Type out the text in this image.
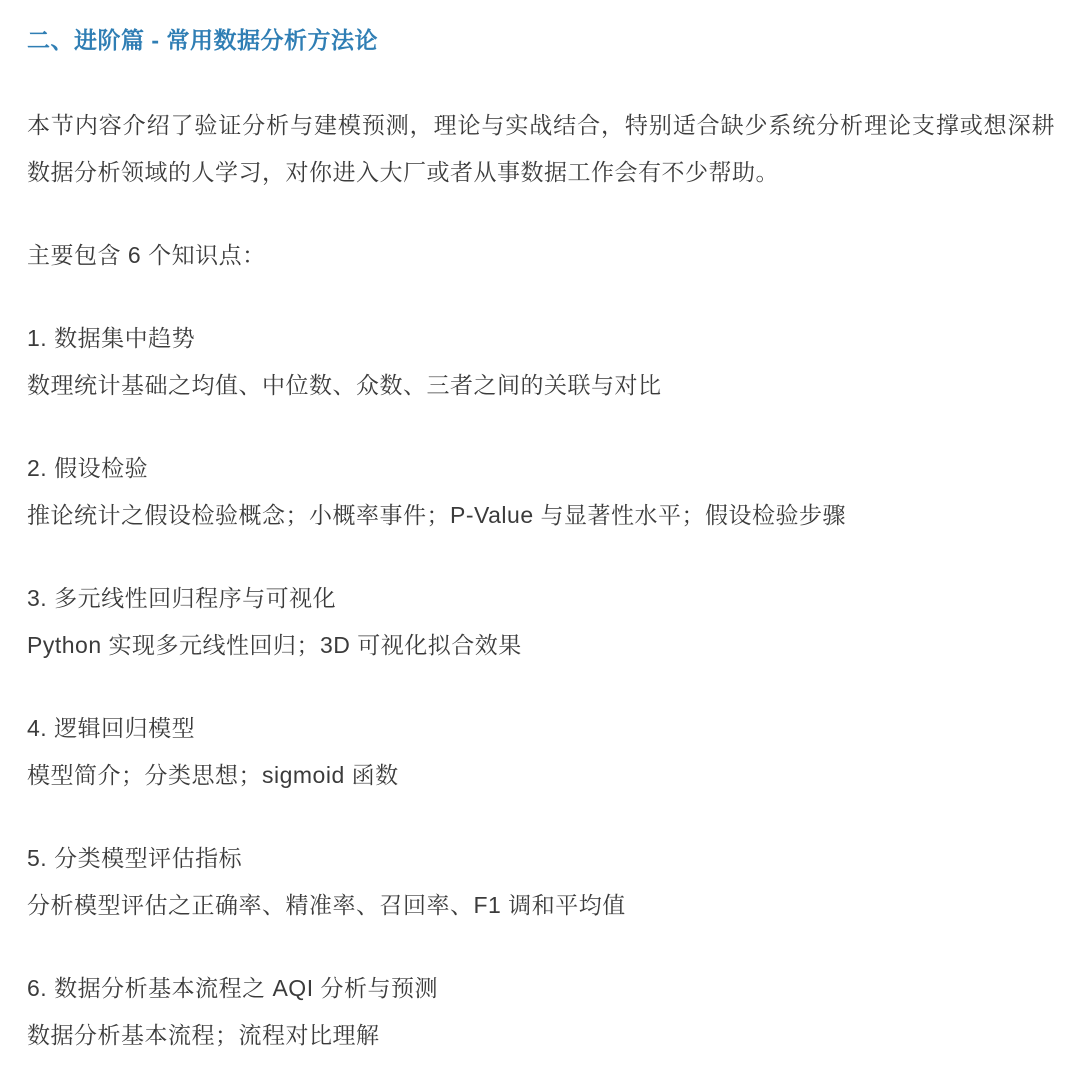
二、进阶篇 - 常用数据分析方法论

本节内容介绍了验证分析与建模预测，理论与实战结合，特别适合缺少系统分析理论支撑或想深耕数据分析领域的人学习，对你进入大厂或者从事数据工作会有不少帮助。

主要包含 6 个知识点：

1. 数据集中趋势
数理统计基础之均值、中位数、众数、三者之间的关联与对比
2. 假设检验
推论统计之假设检验概念；小概率事件；P-Value 与显著性水平；假设检验步骤
3. 多元线性回归程序与可视化
Python 实现多元线性回归；3D 可视化拟合效果
4. 逻辑回归模型
模型简介；分类思想；sigmoid 函数
5. 分类模型评估指标
分析模型评估之正确率、精准率、召回率、F1 调和平均值
6. 数据分析基本流程之 AQI 分析与预测
数据分析基本流程；流程对比理解
